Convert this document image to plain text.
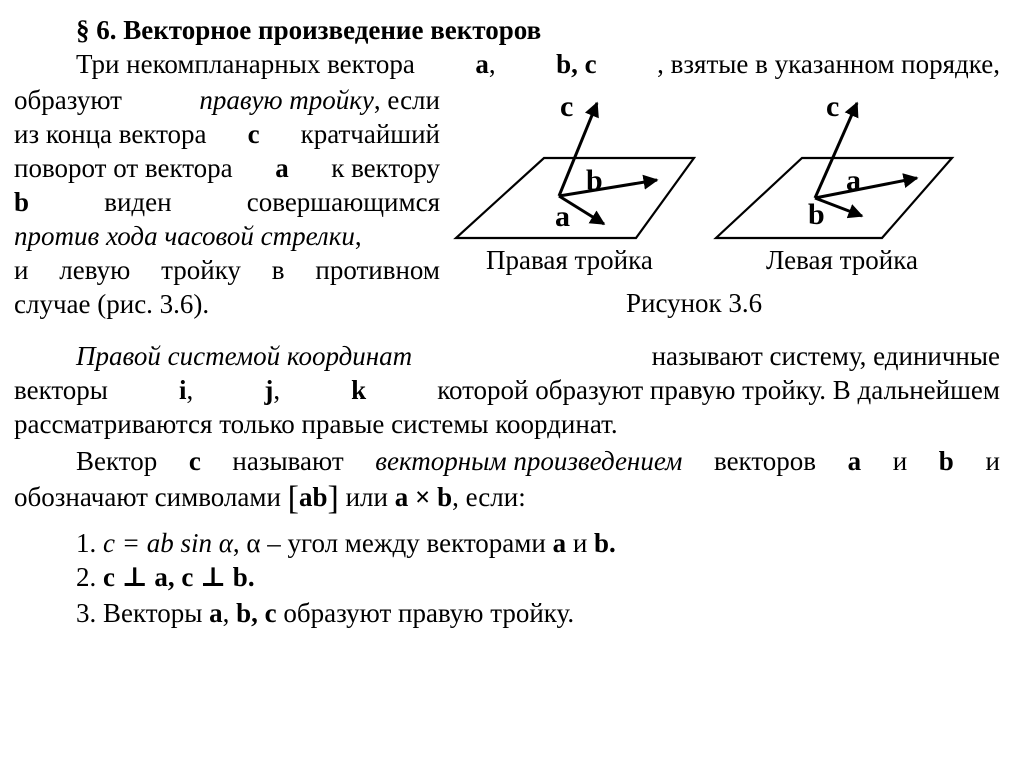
§ 6. Векторное произведение векторов
Три некомпланарных вектора a, b, c , взятые в указанном порядке,
образуют	правую тройку, если
из конца вектора c кратчайший
поворот от вектора a к вектору
b	виден	совершающимся
против хода часовой стрелки,
и левую тройку в противном
случае (рис. 3.6).
c
b
a
c
a
b
Правая тройка	Левая тройка
Рисунок 3.6
Правой системой координат	называют систему, единичные
векторы	i,	j,	k	которой образуют правую тройку. В дальнейшем
рассматриваются только правые системы координат.
Вектор c называют векторным произведением векторов a и b и
обозначают символами [ab] или a × b, если:
1. c = ab sin α, α – угол между векторами a и b.
2. c ⊥ a, c ⊥ b.
3. Векторы a, b, c образуют правую тройку.
